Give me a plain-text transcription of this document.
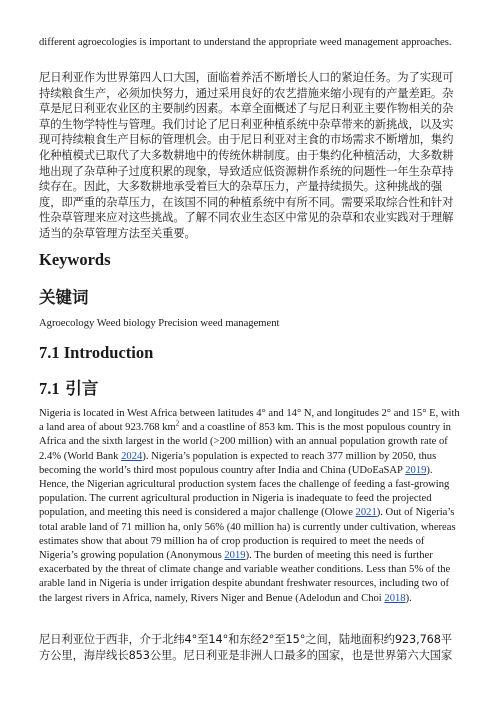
different agroecologies is important to understand the appropriate weed management approaches.
尼日利亚作为世界第四人口大国，面临着养活不断增长人口的紧迫任务。为了实现可持续粮食生产，必须加快努力，通过采用良好的农艺措施来缩小现有的产量差距。杂草是尼日利亚农业区的主要制约因素。本章全面概述了与尼日利亚主要作物相关的杂草的生物学特性与管理。我们讨论了尼日利亚种植系统中杂草带来的新挑战，以及实现可持续粮食生产目标的管理机会。由于尼日利亚对主食的市场需求不断增加，集约化种植模式已取代了大多数耕地中的传统休耕制度。由于集约化种植活动，大多数耕地出现了杂草种子过度积累的现象，导致适应低资源耕作系统的问题性一年生杂草持续存在。因此，大多数耕地承受着巨大的杂草压力，产量持续损失。这种挑战的强度，即严重的杂草压力，在该国不同的种植系统中有所不同。需要采取综合性和针对性杂草管理来应对这些挑战。了解不同农业生态区中常见的杂草和农业实践对于理解适当的杂草管理方法至关重要。
Keywords
关键词
Agroecology Weed biology Precision weed management
7.1 Introduction
7.1 引言
Nigeria is located in West Africa between latitudes 4° and 14° N, and longitudes 2° and 15° E, with a land area of about 923.768 $km^2$ and a coastline of 853 km. This is the most populous country in Africa and the sixth largest in the world (>200 million) with an annual population growth rate of 2.4% (World Bank 2024). Nigeria’s population is expected to reach 377 million by 2050, thus becoming the world’s third most populous country after India and China (UDoEaSAP 2019). Hence, the Nigerian agricultural production system faces the challenge of feeding a fast-growing population. The current agricultural production in Nigeria is inadequate to feed the projected population, and meeting this need is considered a major challenge (Olowe 2021). Out of Nigeria’s total arable land of 71 million ha, only 56% (40 million ha) is currently under cultivation, whereas estimates show that about 79 million ha of crop production is required to meet the needs of Nigeria’s growing population (Anonymous 2019). The burden of meeting this need is further exacerbated by the threat of climate change and variable weather conditions. Less than 5% of the arable land in Nigeria is under irrigation despite abundant freshwater resources, including two of the largest rivers in Africa, namely, Rivers Niger and Benue (Adelodun and Choi 2018).
尼日利亚位于西非，介于北纬4°至14°和东经2°至15°之间，陆地面积约923,768平方公里，海岸线长853公里。尼日利亚是非洲人口最多的国家，也是世界第六大国家
